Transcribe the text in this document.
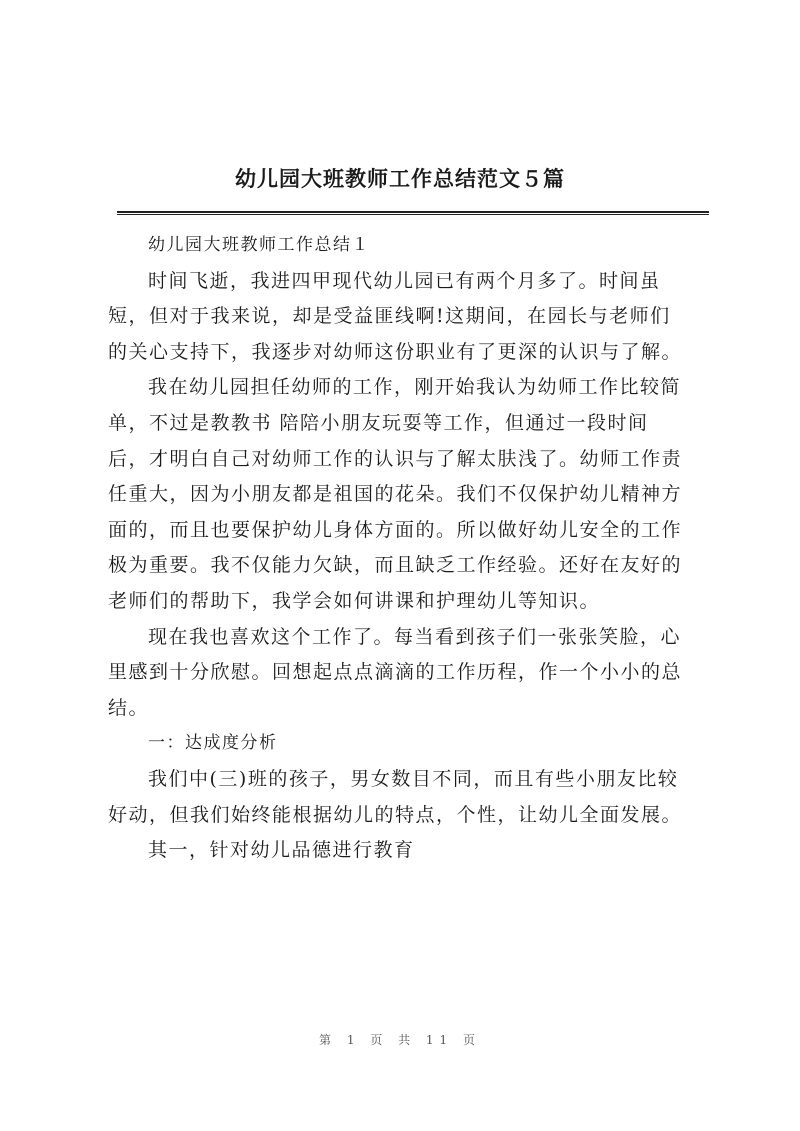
幼儿园大班教师工作总结范文５篇

幼儿园大班教师工作总结１

时间飞逝，我进四甲现代幼儿园已有两个月多了。时间虽
短，但对于我来说，却是受益匪线啊!这期间，在园长与老师们
的关心支持下，我逐步对幼师这份职业有了更深的认识与了解。

我在幼儿园担任幼师的工作，刚开始我认为幼师工作比较简
单，不过是教教书 陪陪小朋友玩耍等工作，但通过一段时间
后，才明白自己对幼师工作的认识与了解太肤浅了。幼师工作责
任重大，因为小朋友都是祖国的花朵。我们不仅保护幼儿精神方
面的，而且也要保护幼儿身体方面的。所以做好幼儿安全的工作
极为重要。我不仅能力欠缺，而且缺乏工作经验。还好在友好的
老师们的帮助下，我学会如何讲课和护理幼儿等知识。

现在我也喜欢这个工作了。每当看到孩子们一张张笑脸，心
里感到十分欣慰。回想起点点滴滴的工作历程，作一个小小的总
结。

一：达成度分析

我们中(三)班的孩子，男女数目不同，而且有些小朋友比较
好动，但我们始终能根据幼儿的特点，个性，让幼儿全面发展。

其一，针对幼儿品德进行教育

第 1 页 共 11 页
